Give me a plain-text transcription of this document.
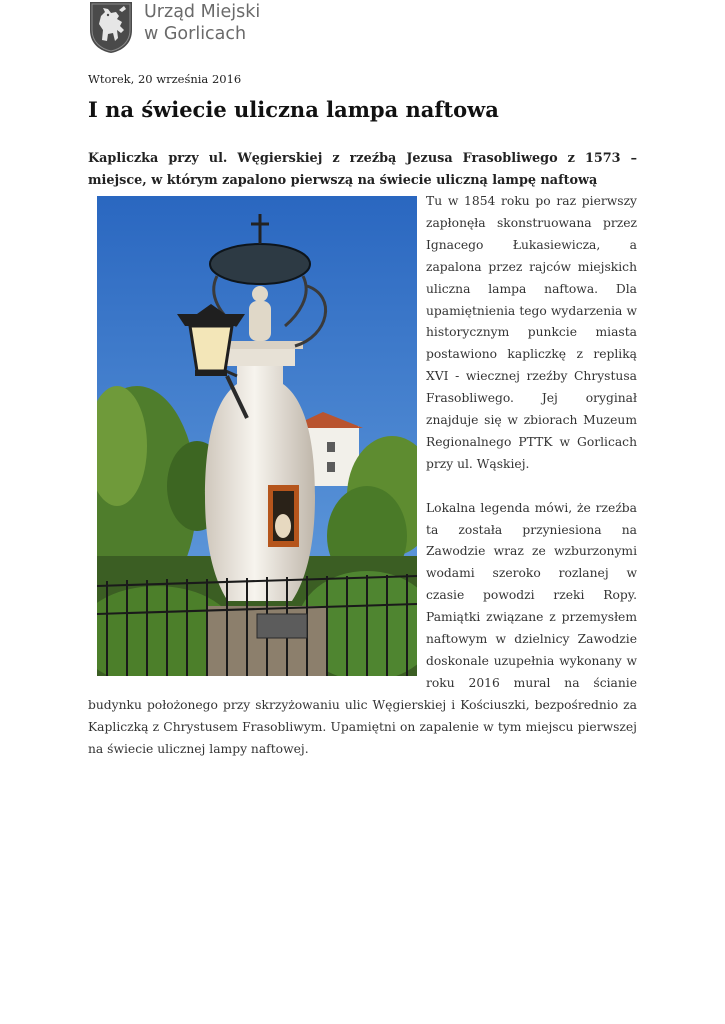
Urząd Miejski
w Gorlicach
Wtorek, 20 września 2016
I na świecie uliczna lampa naftowa

Kapliczka przy ul. Węgierskiej z rzeźbą Jezusa Frasobliwego z 1573 – miejsce, w którym zapalono pierwszą na świecie uliczną lampę naftową

Tu w 1854 roku po raz pierwszy zapłonęła skonstruowana przez Ignacego Łukasiewicza, a zapalona przez rajców miejskich uliczna lampa naftowa. Dla upamiętnienia tego wydarzenia w historycznym punkcie miasta postawiono kapliczkę z repliką XVI - wiecznej rzeźby Chrystusa Frasobliwego. Jej oryginał znajduje się w zbiorach Muzeum Regionalnego PTTK w Gorlicach przy ul. Wąskiej.

Lokalna legenda mówi, że rzeźba ta została przyniesiona na Zawodzie wraz ze wzburzonymi wodami szeroko rozlanej w czasie powodzi rzeki Ropy. Pamiątki związane z przemysłem naftowym w dzielnicy Zawodzie doskonale uzupełnia wykonany w roku 2016 mural na ścianie budynku położonego przy skrzyżowaniu ulic Węgierskiej i Kościuszki, bezpośrednio za Kapliczką z Chrystusem Frasobliwym. Upamiętni on zapalenie w tym miejscu pierwszej na świecie ulicznej lampy naftowej.
